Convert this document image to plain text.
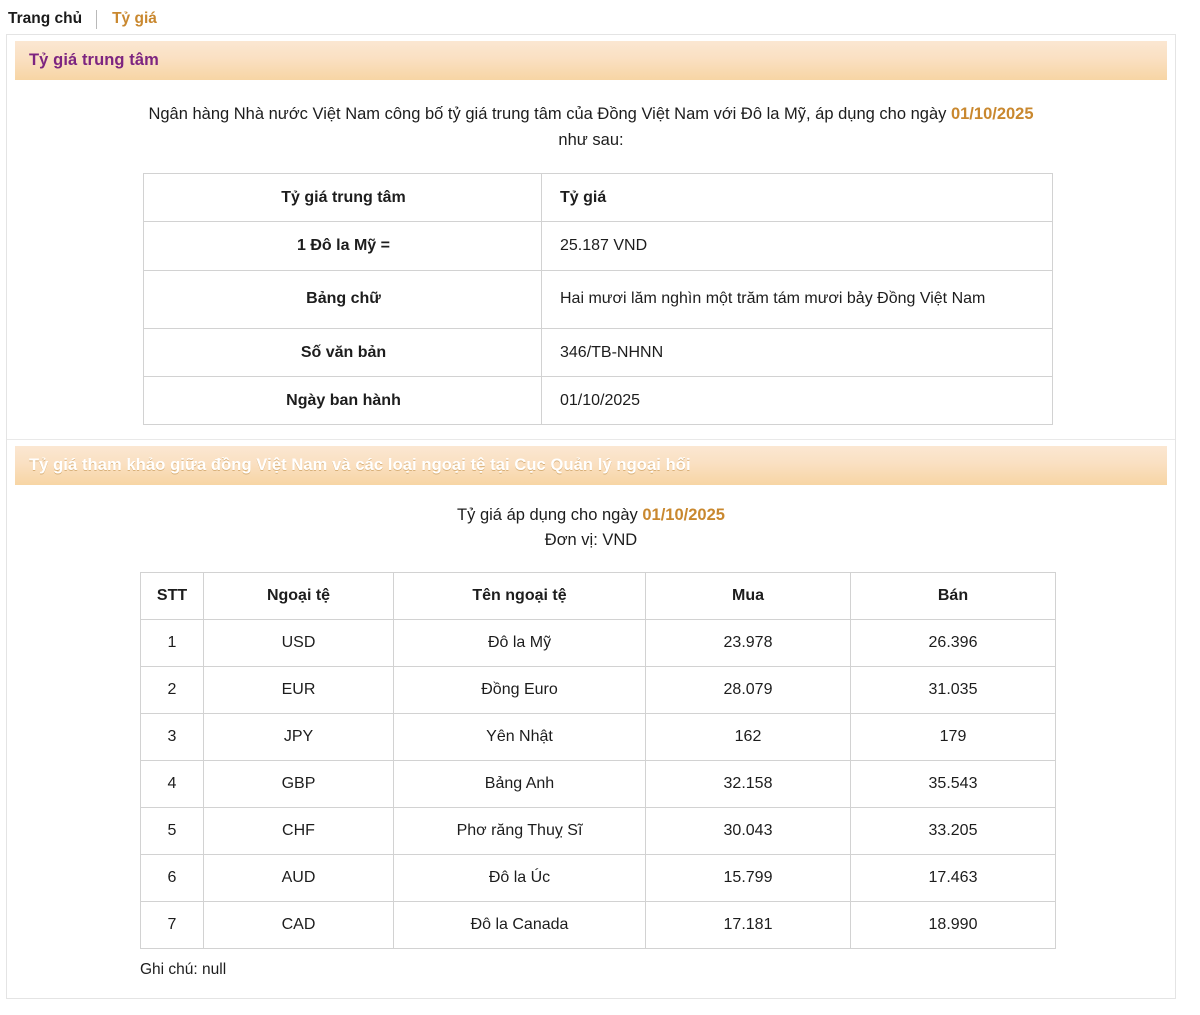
Trang chủ	Tỷ giá
Tỷ giá trung tâm

Ngân hàng Nhà nước Việt Nam công bố tỷ giá trung tâm của Đồng Việt Nam với Đô la Mỹ, áp dụng cho ngày 01/10/2025 như sau:

Tỷ giá trung tâm	Tỷ giá
1 Đô la Mỹ =	25.187 VND
Bảng chữ	Hai mươi lăm nghìn một trăm tám mươi bảy Đồng Việt Nam
Số văn bản	346/TB-NHNN
Ngày ban hành	01/10/2025
Tỷ giá tham khảo giữa đồng Việt Nam và các loại ngoại tệ tại Cục Quản lý ngoại hối

Tỷ giá áp dụng cho ngày 01/10/2025
Đơn vị: VND

STT	Ngoại tệ	Tên ngoại tệ	Mua	Bán
1	USD	Đô la Mỹ	23.978	26.396
2	EUR	Đồng Euro	28.079	31.035
3	JPY	Yên Nhật	162	179
4	GBP	Bảng Anh	32.158	35.543
5	CHF	Phơ răng Thuỵ Sĩ	30.043	33.205
6	AUD	Đô la Úc	15.799	17.463
7	CAD	Đô la Canada	17.181	18.990
Ghi chú: null
